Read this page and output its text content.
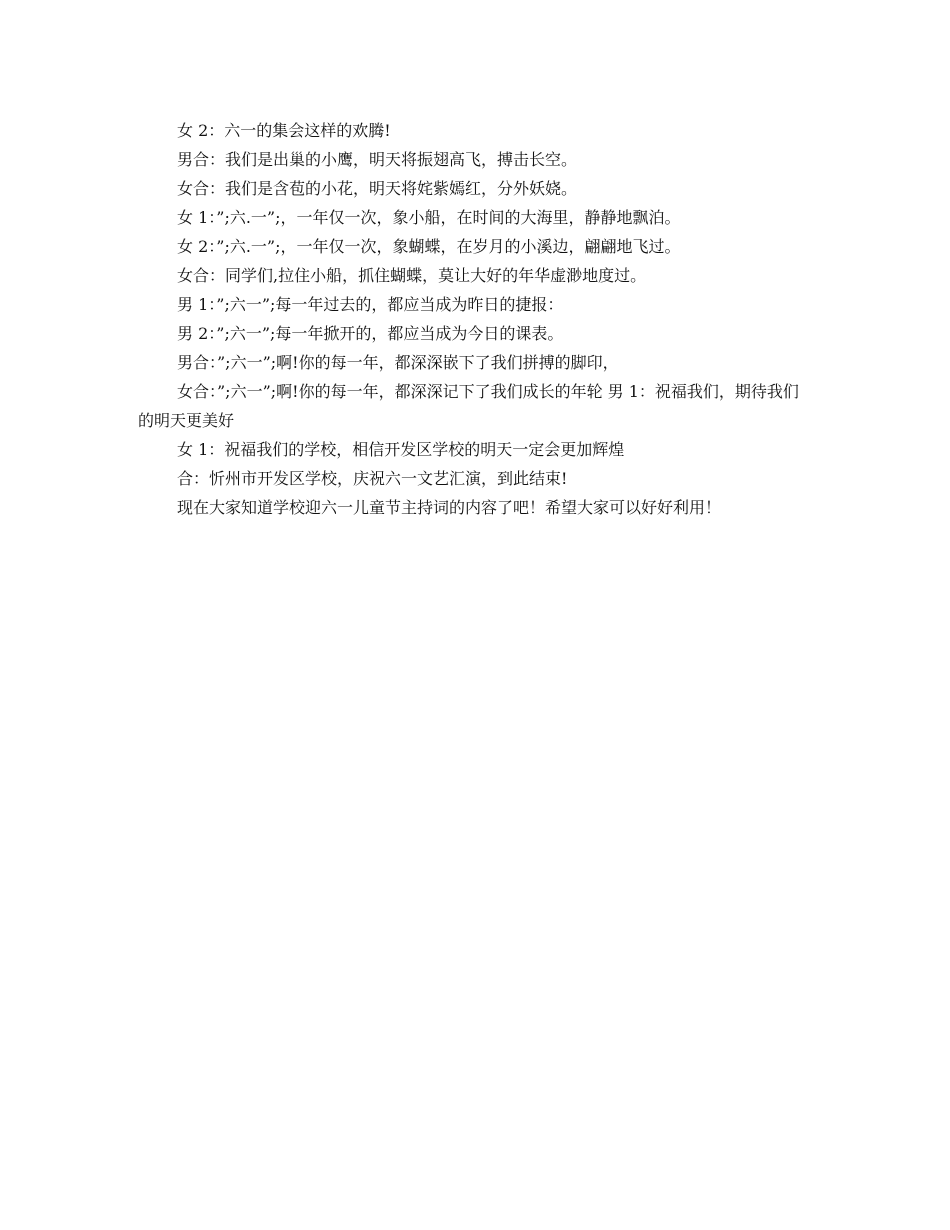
女 2：六一的集会这样的欢腾!

男合：我们是出巢的小鹰，明天将振翅高飞，搏击长空。

女合：我们是含苞的小花，明天将姹紫嫣红，分外妖娆。

女 1：”;六.一”;，一年仅一次，象小船，在时间的大海里，静静地飘泊。

女 2：”;六.一”;，一年仅一次，象蝴蝶，在岁月的小溪边，翩翩地飞过。

女合：同学们,拉住小船，抓住蝴蝶，莫让大好的年华虚渺地度过。

男 1：”;六一”;每一年过去的，都应当成为昨日的捷报：

男 2：”;六一”;每一年掀开的，都应当成为今日的课表。

男合：”;六一”;啊!你的每一年，都深深嵌下了我们拼搏的脚印，

女合：”;六一”;啊!你的每一年，都深深记下了我们成长的年轮 男 1：祝福我们，期待我们的明天更美好

女 1：祝福我们的学校，相信开发区学校的明天一定会更加辉煌

合：忻州市开发区学校，庆祝六一文艺汇演，到此结束!

现在大家知道学校迎六一儿童节主持词的内容了吧！希望大家可以好好利用！
